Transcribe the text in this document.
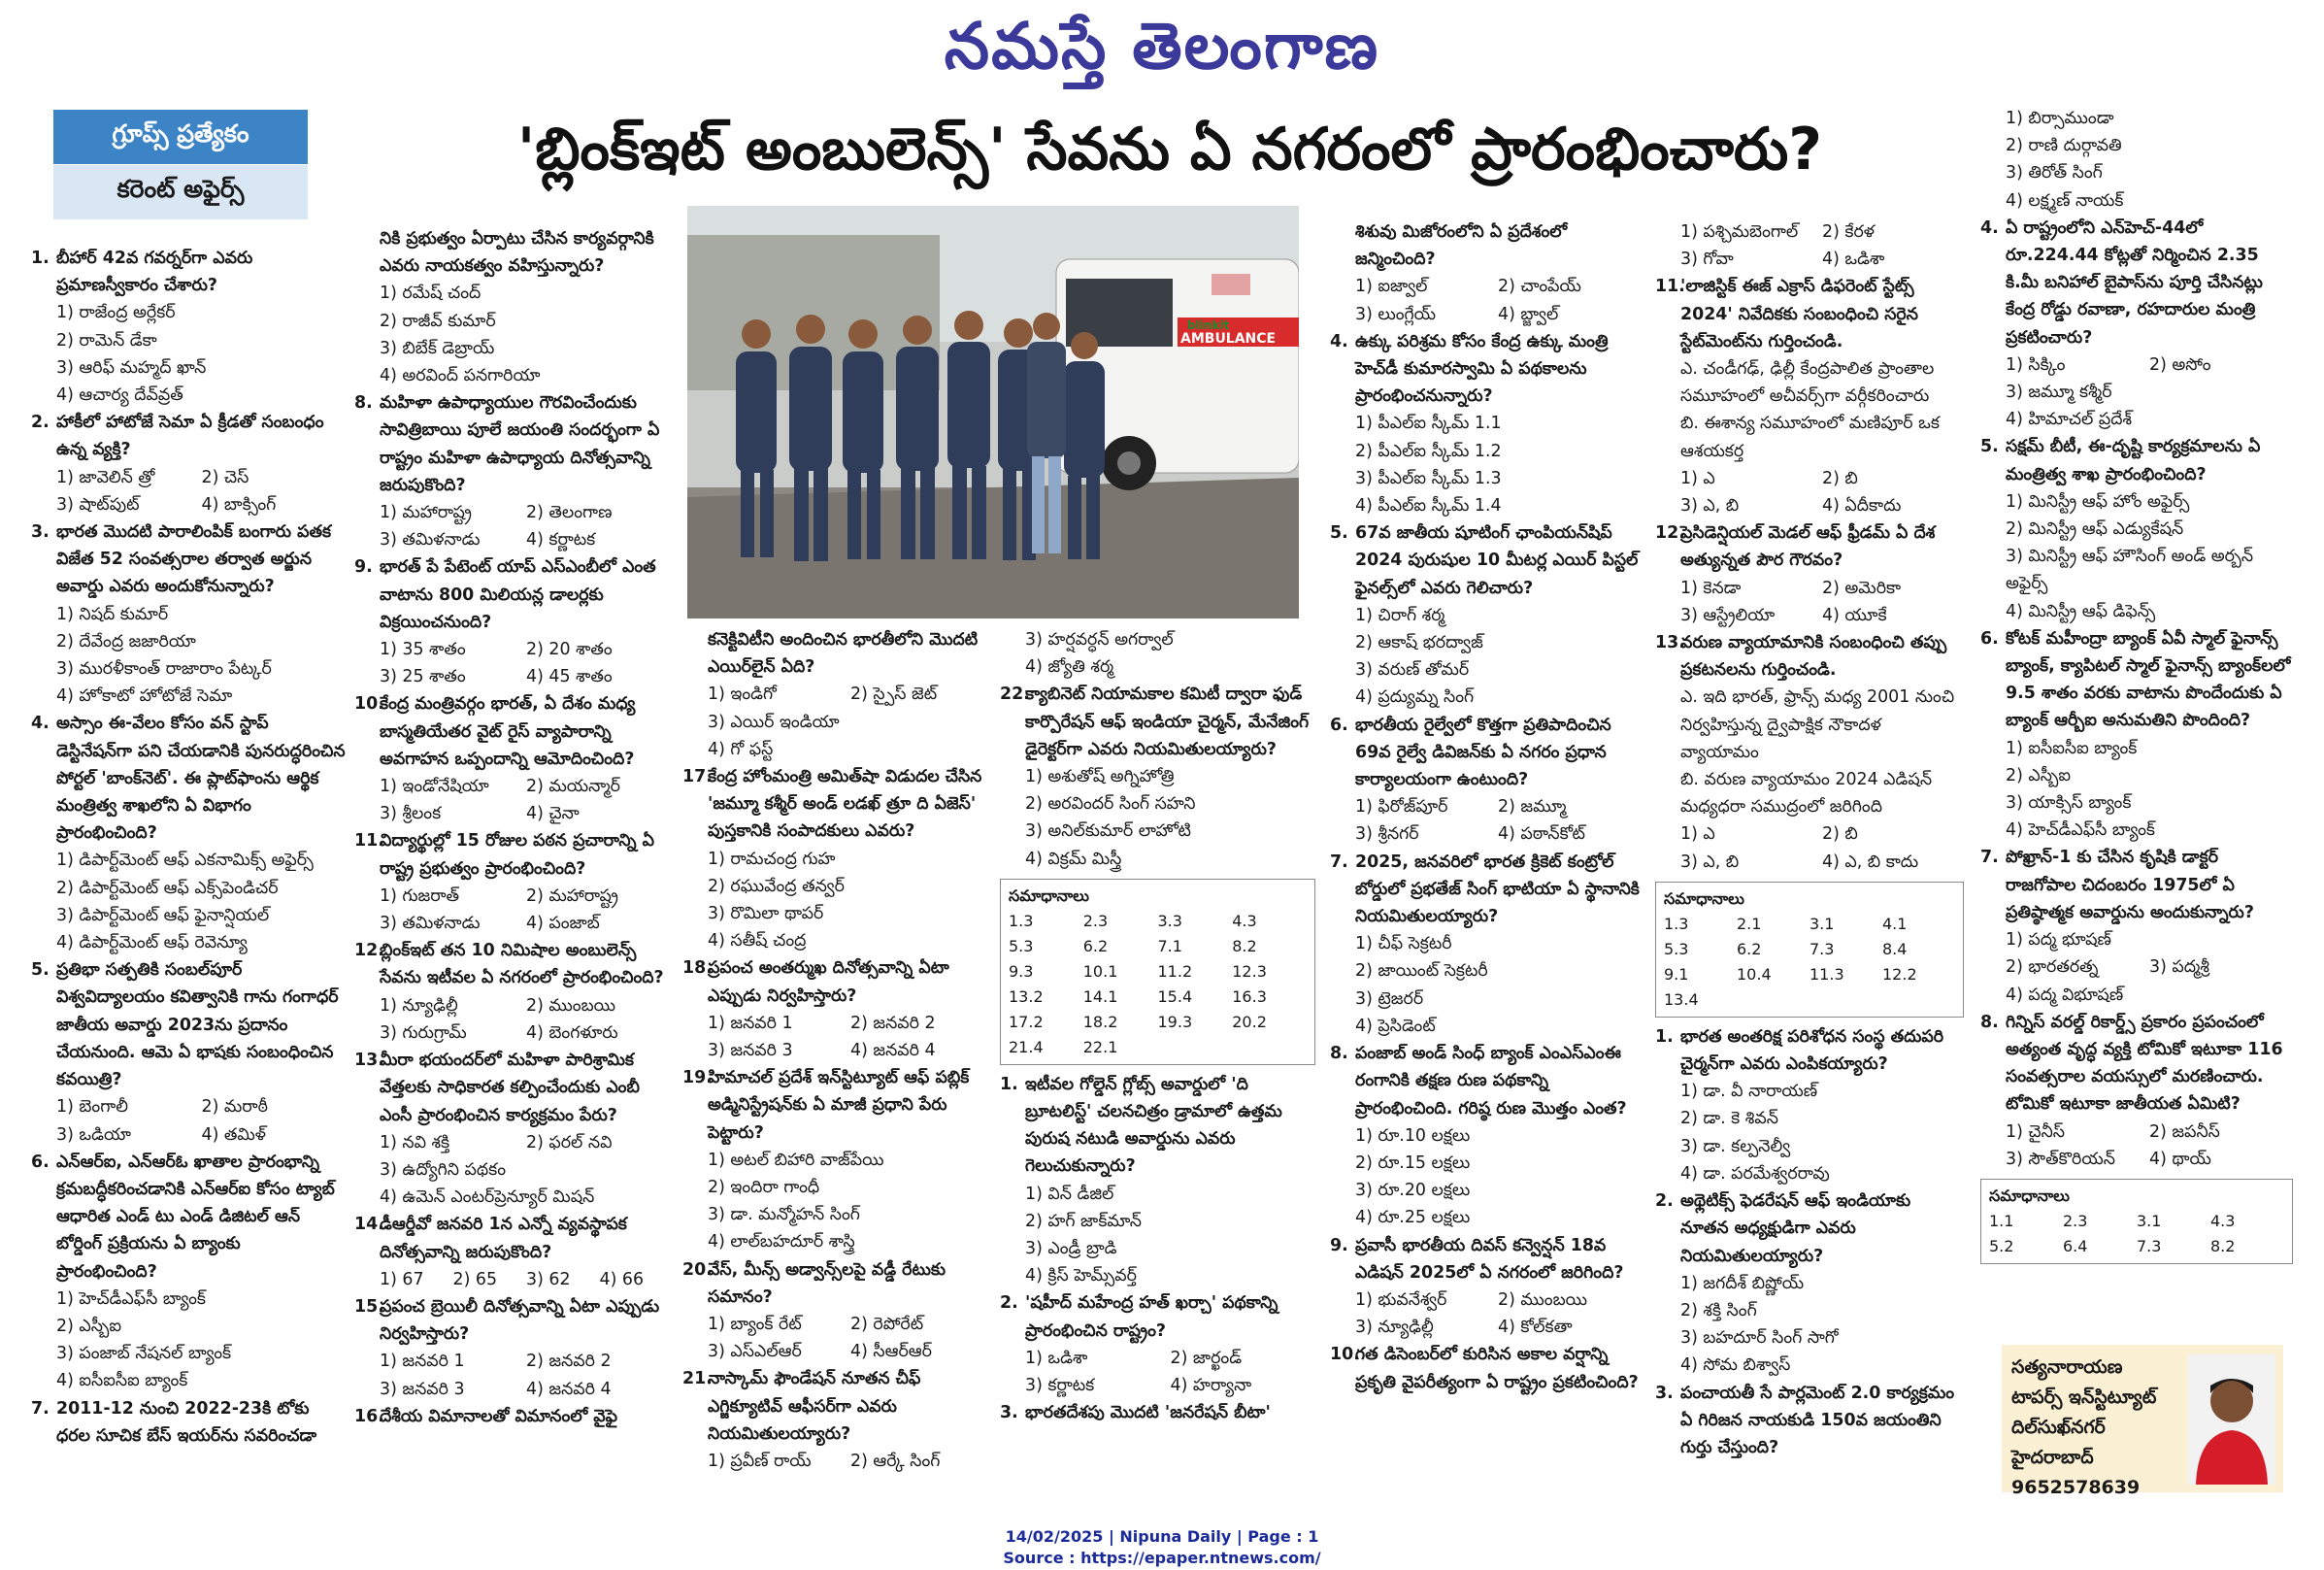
నమస్తే తెలంగాణ
గ్రూప్స్ ప్రత్యేకం
కరెంట్ అఫైర్స్
'బ్లింక్ఇట్ అంబులెన్స్' సేవను ఏ నగరంలో ప్రారంభించారు?
blinkit
AMBULANCE
1. బీహార్ 42వ గవర్నర్‌గా ఎవరు ప్రమాణస్వీకారం చేశారు?
1) రాజేంద్ర అర్లేకర్
2) రామెన్ డేకా
3) ఆరిఫ్ మహ్మద్ ఖాన్
4) ఆచార్య దేవ్‌వ్రత్
2. హాకీలో హాటోజే సెమా ఏ క్రీడతో సంబంధం ఉన్న వ్యక్తి?
1) జావెలిన్ త్రో	2) చెస్
3) షాట్‌పుట్	4) బాక్సింగ్
3. భారత మొదటి పారాలింపిక్ బంగారు పతక విజేత 52 సంవత్సరాల తర్వాత అర్జున అవార్డు ఎవరు అందుకోనున్నారు?
1) నిషద్ కుమార్
2) దేవేంద్ర జజారియా
3) మురళీకాంత్ రాజారాం పేట్కర్
4) హోకాటో హోటోజే సెమా
4. అస్సాం ఈ-వేలం కోసం వన్ స్టాప్ డెస్టినేషన్‌గా పని చేయడానికి పునరుద్ధరించిన పోర్టల్ 'బాంక్‌నెట్'. ఈ ప్లాట్‌ఫాంను ఆర్థిక మంత్రిత్వ శాఖలోని ఏ విభాగం ప్రారంభించింది?
1) డిపార్ట్‌మెంట్ ఆఫ్ ఎకనామిక్స్ అఫైర్స్
2) డిపార్ట్‌మెంట్ ఆఫ్ ఎక్స్‌పెండిచర్
3) డిపార్ట్‌మెంట్ ఆఫ్ ఫైనాన్షియల్
4) డిపార్ట్‌మెంట్ ఆఫ్ రెవెన్యూ
5. ప్రతిభా సత్పతికి సంబల్‌పూర్ విశ్వవిద్యాలయం కవిత్వానికి గాను గంగాధర్ జాతీయ అవార్డు 2023ను ప్రదానం చేయనుంది. ఆమె ఏ భాషకు సంబంధించిన కవయిత్రి?
1) బెంగాలీ	2) మరాఠీ
3) ఒడియా	4) తమిళ్
6. ఎన్‌ఆర్‌ఐ, ఎన్‌ఆర్‌ఓ ఖాతాల ప్రారంభాన్ని క్రమబద్ధీకరించడానికి ఎన్‌ఆర్‌ఐ కోసం ట్యాబ్ ఆధారిత ఎండ్ టు ఎండ్ డిజిటల్ ఆన్ బోర్డింగ్ ప్రక్రియను ఏ బ్యాంకు ప్రారంభించింది?
1) హెచ్‌డీఎఫ్‌సీ బ్యాంక్
2) ఎస్బీఐ
3) పంజాబ్ నేషనల్ బ్యాంక్
4) ఐసీఐసీఐ బ్యాంక్
7. 2011-12 నుంచి 2022-23కి టోకు ధరల సూచిక బేస్ ఇయర్‌ను సవరించడా
నికి ప్రభుత్వం ఏర్పాటు చేసిన కార్యవర్గానికి ఎవరు నాయకత్వం వహిస్తున్నారు?
1) రమేష్ చంద్
2) రాజీవ్ కుమార్
3) బిబేక్ డెబ్రాయ్
4) అరవింద్ పనగారియా
8. మహిళా ఉపాధ్యాయుల గౌరవించేందుకు సావిత్రిబాయి పూలే జయంతి సందర్భంగా ఏ రాష్ట్రం మహిళా ఉపాధ్యాయ దినోత్సవాన్ని జరుపుకొంది?
1) మహారాష్ట్ర	2) తెలంగాణ
3) తమిళనాడు	4) కర్ణాటక
9. భారత్ పే పేటెంట్ యాప్ ఎస్ఎంబీలో ఎంత వాటాను 800 మిలియన్ల డాలర్లకు విక్రయించనుంది?
1) 35 శాతం	2) 20 శాతం
3) 25 శాతం	4) 45 శాతం
10.
కేంద్ర మంత్రివర్గం భారత్, ఏ దేశం మధ్య బాస్మతియేతర వైట్ రైస్ వ్యాపారాన్ని అవగాహన ఒప్పందాన్ని ఆమోదించింది?
1) ఇండోనేషియా	2) మయన్మార్
3) శ్రీలంక	4) చైనా
11.
విద్యార్థుల్లో 15 రోజుల పఠన ప్రచారాన్ని ఏ రాష్ట్ర ప్రభుత్వం ప్రారంభించింది?
1) గుజరాత్	2) మహారాష్ట్ర
3) తమిళనాడు	4) పంజాబ్
12.
బ్లింక్‌ఇట్ తన 10 నిమిషాల అంబులెన్స్ సేవను ఇటీవల ఏ నగరంలో ప్రారంభించింది?
1) న్యూఢిల్లీ	2) ముంబయి
3) గురుగ్రామ్	4) బెంగళూరు
13.
మీరా భయందర్‌లో మహిళా పారిశ్రామిక వేత్తలకు సాధికారత కల్పించేందుకు ఎంబీ ఎంసీ ప్రారంభించిన కార్యక్రమం పేరు?
1) నవి శక్తి	2) ఫరల్ నవి
3) ఉద్యోగిని పథకం
4) ఉమెన్ ఎంటర్‌ప్రెన్యూర్ మిషన్
14.
డీఆర్డీవో జనవరి 1న ఎన్నో వ్యవస్థాపక దినోత్సవాన్ని జరుపుకొంది?
1) 67	2) 65	3) 62	4) 66
15.
ప్రపంచ బ్రెయిలీ దినోత్సవాన్ని ఏటా ఎప్పుడు నిర్వహిస్తారు?
1) జనవరి 1	2) జనవరి 2
3) జనవరి 3	4) జనవరి 4
16.
దేశీయ విమానాలతో విమానంలో వైఫై
కనెక్టివిటీని అందించిన భారతీలోని మొదటి ఎయిర్‌లైన్ ఏది?
1) ఇండిగో	2) స్పైస్ జెట్
3) ఎయిర్ ఇండియా
4) గో ఫస్ట్
17.
కేంద్ర హోంమంత్రి అమిత్‌షా విడుదల చేసిన 'జమ్మూ కశ్మీర్ అండ్ లడఖ్ త్రూ ది ఏజెస్' పుస్తకానికి సంపాదకులు ఎవరు?
1) రామచంద్ర గుహ
2) రఘువేంద్ర తన్వర్
3) రొమిలా థాపర్
4) సతీష్ చంద్ర
18.
ప్రపంచ అంతర్ముఖ దినోత్సవాన్ని ఏటా ఎప్పుడు నిర్వహిస్తారు?
1) జనవరి 1	2) జనవరి 2
3) జనవరి 3	4) జనవరి 4
19.
హిమాచల్ ప్రదేశ్ ఇన్‌స్టిట్యూట్ ఆఫ్ పబ్లిక్ అడ్మినిస్ట్రేషన్‌కు ఏ మాజీ ప్రధాని పేరు పెట్టారు?
1) అటల్ బిహారి వాజ్‌పేయి
2) ఇందిరా గాంధీ
3) డా. మన్మోహన్ సింగ్
4) లాల్‌బహదూర్ శాస్త్రి
20.
వేస్, మీన్స్ అడ్వాన్స్‌లపై వడ్డీ రేటుకు సమానం?
1) బ్యాంక్ రేట్	2) రెపోరేట్
3) ఎస్ఎల్ఆర్	4) సీఆర్ఆర్
21.
నాస్కామ్ ఫౌండేషన్ నూతన చీఫ్ ఎగ్జిక్యూటివ్ ఆఫీసర్‌గా ఎవరు నియమితులయ్యారు?
1) ప్రవీణ్ రాయ్	2) ఆర్కే సింగ్
3) హర్షవర్ధన్ అగర్వాల్
4) జ్యోతి శర్మ
22.
క్యాబినెట్ నియామకాల కమిటీ ద్వారా ఫుడ్ కార్పొరేషన్ ఆఫ్ ఇండియా చైర్మన్, మేనేజింగ్ డైరెక్టర్‌గా ఎవరు నియమితులయ్యారు?
1) అశుతోష్ అగ్నిహోత్రి
2) అరవిందర్ సింగ్ సహని
3) అనిల్‌కుమార్ లాహోటి
4) విక్రమ్ మిస్త్రీ
సమాధానాలు
1.3	2.3	3.3	4.3
5.3	6.2	7.1	8.2
9.3	10.1	11.2	12.3
13.2	14.1	15.4	16.3
17.2	18.2	19.3	20.2
21.4	22.1
1. ఇటీవల గోల్డెన్ గ్లోబ్స్ అవార్డులో 'ది బ్రూటలిస్ట్' చలనచిత్రం డ్రామాలో ఉత్తమ పురుష నటుడి అవార్డును ఎవరు గెలుచుకున్నారు?
1) విన్ డీజిల్
2) హగ్ జాక్‌మాన్
3) ఎండ్రీ బ్రాడి
4) క్రిస్ హెమ్స్‌వర్త్
2. 'షహీద్ మహేంద్ర హత్ ఖర్చా' పథకాన్ని ప్రారంభించిన రాష్ట్రం?
1) ఒడిశా	2) జార్ఖండ్
3) కర్ణాటక	4) హర్యానా
3. భారతదేశపు మొదటి 'జనరేషన్ బీటా'
శిశువు మిజోరంలోని ఏ ప్రదేశంలో జన్మించింది?
1) ఐజ్వాల్	2) చాంపేయ్
3) లుంగ్లేయ్	4) బ్జ్వాల్
4. ఉక్కు పరిశ్రమ కోసం కేంద్ర ఉక్కు మంత్రి హెచ్‌డీ కుమారస్వామి ఏ పథకాలను ప్రారంభించనున్నారు?
1) పీఎల్ఐ స్కీమ్ 1.1
2) పీఎల్ఐ స్కీమ్ 1.2
3) పీఎల్ఐ స్కీమ్ 1.3
4) పీఎల్ఐ స్కీమ్ 1.4
5. 67వ జాతీయ షూటింగ్ ఛాంపియన్‌షిప్ 2024 పురుషుల 10 మీటర్ల ఎయిర్ పిస్టల్ ఫైనల్స్‌లో ఎవరు గెలిచారు?
1) చిరాగ్ శర్మ
2) ఆకాష్ భరద్వాజ్
3) వరుణ్ తోమర్
4) ప్రద్యుమ్న సింగ్
6. భారతీయ రైల్వేలో కొత్తగా ప్రతిపాదించిన 69వ రైల్వే డివిజన్‌కు ఏ నగరం ప్రధాన కార్యాలయంగా ఉంటుంది?
1) ఫిరోజ్‌పూర్	2) జమ్మూ
3) శ్రీనగర్	4) పఠాన్‌కోట్
7. 2025, జనవరిలో భారత క్రికెట్ కంట్రోల్ బోర్డులో ప్రభతేజ్ సింగ్ భాటియా ఏ స్థానానికి నియమితులయ్యారు?
1) చీఫ్ సెక్రటరీ
2) జాయింట్ సెక్రటరీ
3) ట్రెజరర్
4) ప్రెసిడెంట్
8. పంజాబ్ అండ్ సింధ్ బ్యాంక్ ఎంఎస్ఎంఈ రంగానికి తక్షణ రుణ పథకాన్ని ప్రారంభించింది. గరిష్ఠ రుణ మొత్తం ఎంత?
1) రూ.10 లక్షలు
2) రూ.15 లక్షలు
3) రూ.20 లక్షలు
4) రూ.25 లక్షలు
9. ప్రవాసీ భారతీయ దివస్ కన్వెన్షన్ 18వ ఎడిషన్ 2025లో ఏ నగరంలో జరిగింది?
1) భువనేశ్వర్	2) ముంబయి
3) న్యూఢిల్లీ	4) కోల్‌కతా
10.
గత డిసెంబర్‌లో కురిసిన అకాల వర్షాన్ని ప్రకృతి వైపరీత్యంగా ఏ రాష్ట్రం ప్రకటించింది?
1) పశ్చిమబెంగాల్	2) కేరళ
3) గోవా	4) ఒడిశా
11.
'లాజిస్టిక్ ఈజ్ ఎక్రాస్ డిఫరెంట్ స్టేట్స్ 2024' నివేదికకు సంబంధించి సరైన స్టేట్‌మెంట్‌ను గుర్తించండి.
ఎ. చండీగఢ్, ఢిల్లీ కేంద్రపాలిత ప్రాంతాల సమూహంలో అచీవర్స్‌గా వర్గీకరించారు
బి. ఈశాన్య సమూహంలో మణిపూర్ ఒక ఆశయకర్త
1) ఎ	2) బి
3) ఎ, బి	4) ఏదీకాదు
12.
ప్రెసిడెన్షియల్ మెడల్ ఆఫ్ ఫ్రీడమ్ ఏ దేశ అత్యున్నత పౌర గౌరవం?
1) కెనడా	2) అమెరికా
3) ఆస్ట్రేలియా	4) యూకే
13.
వరుణ వ్యాయామానికి సంబంధించి తప్పు ప్రకటనలను గుర్తించండి.
ఎ. ఇది భారత్, ఫ్రాన్స్ మధ్య 2001 నుంచి నిర్వహిస్తున్న ద్వైపాక్షిక నౌకాదళ వ్యాయామం
బి. వరుణ వ్యాయామం 2024 ఎడిషన్ మధ్యధరా సముద్రంలో జరిగింది
1) ఎ	2) బి
3) ఎ, బి	4) ఎ, బి కాదు
సమాధానాలు
1.3	2.1	3.1	4.1
5.3	6.2	7.3	8.4
9.1	10.4	11.3	12.2
13.4
1. భారత అంతరిక్ష పరిశోధన సంస్థ తదుపరి చైర్మన్‌గా ఎవరు ఎంపికయ్యారు?
1) డా. వీ నారాయణ్
2) డా. కె శివన్
3) డా. కల్పనెల్వీ
4) డా. పరమేశ్వరరావు
2. అథ్లెటిక్స్ ఫెడరేషన్ ఆఫ్ ఇండియాకు నూతన అధ్యక్షుడిగా ఎవరు నియమితులయ్యారు?
1) జగదీశ్ బిష్ణోయ్
2) శక్తి సింగ్
3) బహదూర్ సింగ్ సాగో
4) సోమ బిశ్వాస్
3. పంచాయతీ సే పార్లమెంట్ 2.0 కార్యక్రమం ఏ గిరిజన నాయకుడి 150వ జయంతిని గుర్తు చేస్తుంది?
1) బిర్సాముండా
2) రాణి దుర్గావతి
3) తిరోత్ సింగ్
4) లక్ష్మణ్ నాయక్
4. ఏ రాష్ట్రంలోని ఎన్‌హెచ్-44లో రూ.224.44 కోట్లతో నిర్మించిన 2.35 కి.మీ బనిహాల్ బైపాస్‌ను పూర్తి చేసినట్లు కేంద్ర రోడ్డు రవాణా, రహదారుల మంత్రి ప్రకటించారు?
1) సిక్కిం	2) అసోం
3) జమ్మూ కశ్మీర్
4) హిమాచల్ ప్రదేశ్
5. సక్షమ్ బీటీ, ఈ-దృష్టి కార్యక్రమాలను ఏ మంత్రిత్వ శాఖ ప్రారంభించింది?
1) మినిస్ట్రీ ఆఫ్ హోం అఫైర్స్
2) మినిస్ట్రీ ఆఫ్ ఎడ్యుకేషన్
3) మినిస్ట్రీ ఆఫ్ హౌసింగ్ అండ్ అర్బన్ అఫైర్స్
4) మినిస్ట్రీ ఆఫ్ డిఫెన్స్
6. కోటక్ మహీంద్రా బ్యాంక్ ఏవీ స్మాల్ ఫైనాన్స్ బ్యాంక్, క్యాపిటల్ స్మాల్ ఫైనాన్స్ బ్యాంక్‌లలో 9.5 శాతం వరకు వాటాను పొందేందుకు ఏ బ్యాంక్ ఆర్బీఐ అనుమతిని పొందింది?
1) ఐసీఐసీఐ బ్యాంక్
2) ఎస్బీఐ
3) యాక్సిస్ బ్యాంక్
4) హెచ్‌డీఎఫ్‌సీ బ్యాంక్
7. పోఖ్రాన్-1 కు చేసిన కృషికి డాక్టర్ రాజగోపాల చిదంబరం 1975లో ఏ ప్రతిష్ఠాత్మక అవార్డును అందుకున్నారు?
1) పద్మ భూషణ్
2) భారతరత్న	3) పద్మశ్రీ
4) పద్మ విభూషణ్
8. గిన్నిస్ వరల్డ్ రికార్డ్స్ ప్రకారం ప్రపంచంలో అత్యంత వృద్ధ వ్యక్తి టోమికో ఇటూకా 116 సంవత్సరాల వయస్సులో మరణించారు. టోమికో ఇటూకా జాతీయత ఏమిటి?
1) చైనీస్	2) జపనీస్
3) సౌత్‌కొరియన్	4) థాయ్
సమాధానాలు
1.1	2.3	3.1	4.3
5.2	6.4	7.3	8.2
సత్యనారాయణ
టాపర్స్ ఇన్‌స్టిట్యూట్
దిల్‌సుఖ్‌నగర్
హైదరాబాద్
9652578639
14/02/2025 | Nipuna Daily | Page : 1
Source : https://epaper.ntnews.com/
